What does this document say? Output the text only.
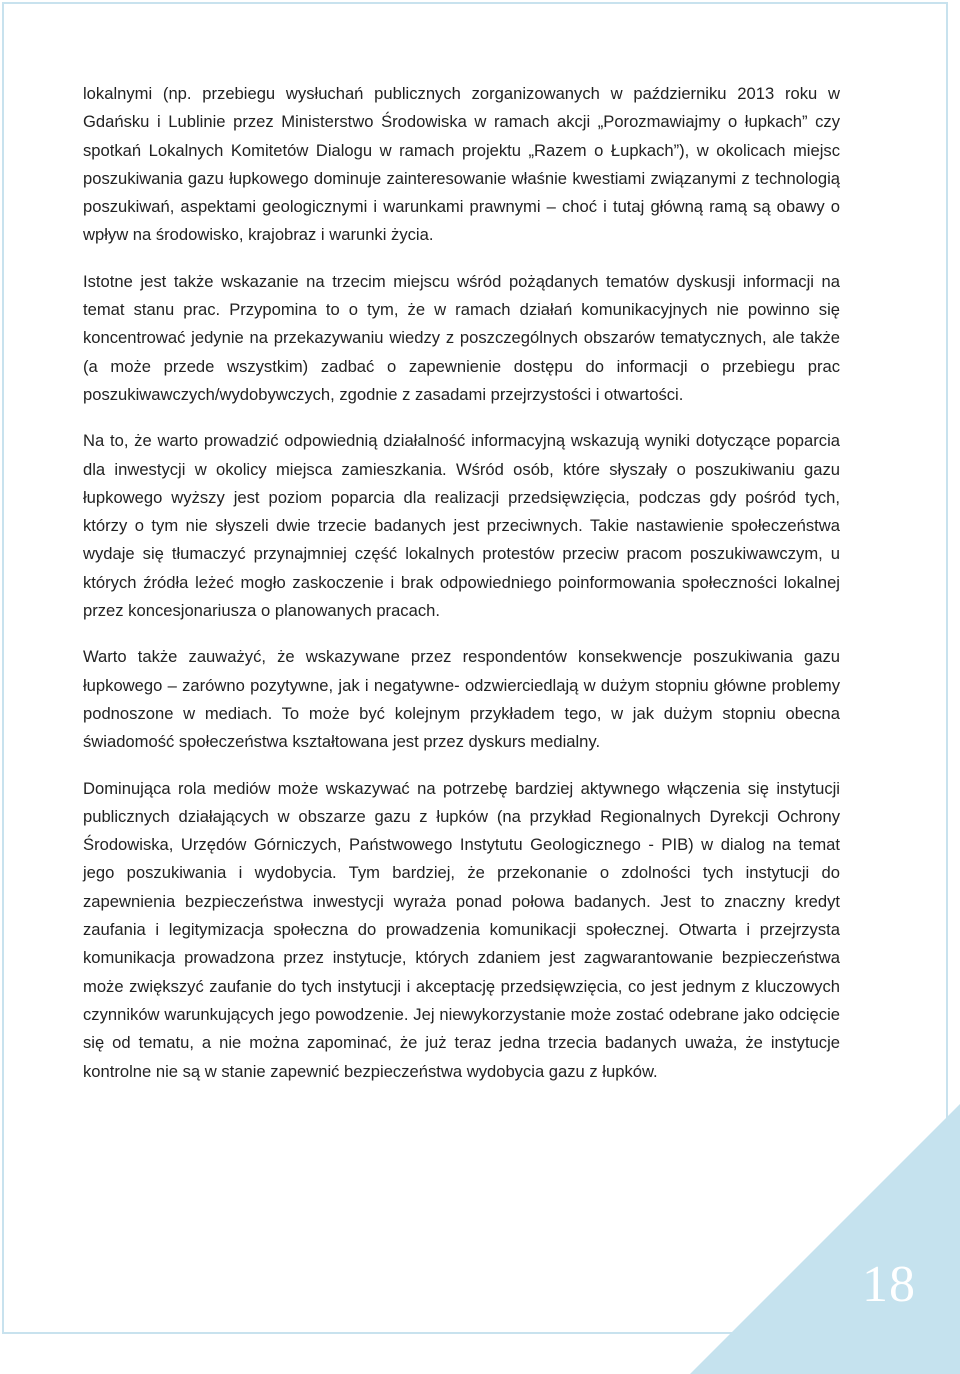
18

lokalnymi (np. przebiegu wysłuchań publicznych zorganizowanych w październiku 2013 roku w Gdańsku i Lublinie przez Ministerstwo Środowiska w ramach akcji „Porozmawiajmy o łupkach” czy spotkań Lokalnych Komitetów Dialogu w ramach projektu „Razem o Łupkach”), w okolicach miejsc poszukiwania gazu łupkowego dominuje zainteresowanie właśnie kwestiami związanymi z technologią poszukiwań, aspektami geologicznymi i warunkami prawnymi – choć i tutaj główną ramą są obawy o wpływ na środowisko, krajobraz i warunki życia.

Istotne jest także wskazanie na trzecim miejscu wśród pożądanych tematów dyskusji informacji na temat stanu prac. Przypomina to o tym, że w ramach działań komunikacyjnych nie powinno się koncentrować jedynie na przekazywaniu wiedzy z poszczególnych obszarów tematycznych, ale także (a może przede wszystkim) zadbać o zapewnienie dostępu do informacji o przebiegu prac poszukiwawczych/wydobywczych, zgodnie z zasadami przejrzystości i otwartości.

Na to, że warto prowadzić odpowiednią działalność informacyjną wskazują wyniki dotyczące poparcia dla inwestycji w okolicy miejsca zamieszkania. Wśród osób, które słyszały o poszukiwaniu gazu łupkowego wyższy jest poziom poparcia dla realizacji przedsięwzięcia, podczas gdy pośród tych, którzy o tym nie słyszeli dwie trzecie badanych jest przeciwnych. Takie nastawienie społeczeństwa wydaje się tłumaczyć przynajmniej część lokalnych protestów przeciw pracom poszukiwawczym, u których źródła leżeć mogło zaskoczenie i brak odpowiedniego poinformowania społeczności lokalnej przez koncesjonariusza o planowanych pracach.

Warto także zauważyć, że wskazywane przez respondentów konsekwencje poszukiwania gazu łupkowego – zarówno pozytywne, jak i negatywne- odzwierciedlają w dużym stopniu główne problemy podnoszone w mediach. To może być kolejnym przykładem tego, w jak dużym stopniu obecna świadomość społeczeństwa kształtowana jest przez dyskurs medialny.

Dominująca rola mediów może wskazywać na potrzebę bardziej aktywnego włączenia się instytucji publicznych działających w obszarze gazu z łupków (na przykład Regionalnych Dyrekcji Ochrony Środowiska, Urzędów Górniczych, Państwowego Instytutu Geologicznego - PIB) w dialog na temat jego poszukiwania i wydobycia. Tym bardziej, że przekonanie o zdolności tych instytucji do zapewnienia bezpieczeństwa inwestycji wyraża ponad połowa badanych. Jest to znaczny kredyt zaufania i legitymizacja społeczna do prowadzenia komunikacji społecznej. Otwarta i przejrzysta komunikacja prowadzona przez instytucje, których zdaniem jest zagwarantowanie bezpieczeństwa może zwiększyć zaufanie do tych instytucji i akceptację przedsięwzięcia, co jest jednym z kluczowych czynników warunkujących jego powodzenie. Jej niewykorzystanie może zostać odebrane jako odcięcie się od tematu, a nie można zapominać, że już teraz jedna trzecia badanych uważa, że instytucje kontrolne nie są w stanie zapewnić bezpieczeństwa wydobycia gazu z łupków.
